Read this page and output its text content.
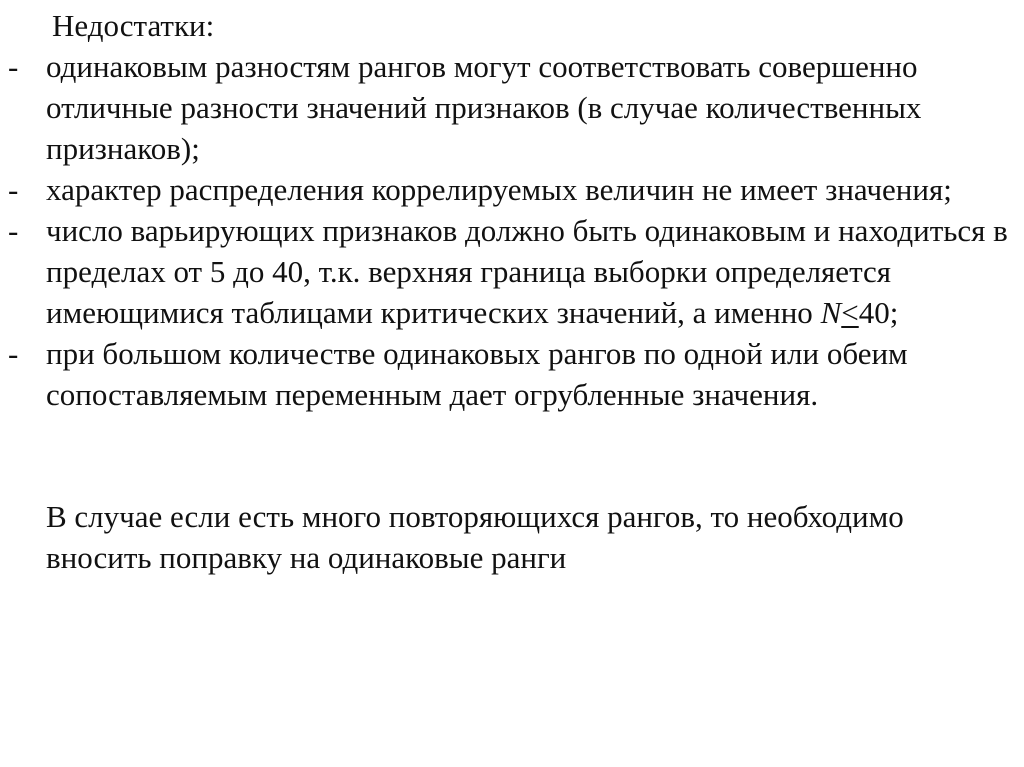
Недостатки:

- одинаковым разностям рангов могут соответствовать совершенно отличные разности значений признаков (в случае количественных признаков);
- характер распределения коррелируемых величин не имеет значения;
- число варьирующих признаков должно быть одинаковым и находиться в пределах от 5 до 40, т.к. верхняя граница выборки определяется имеющимися таблицами критических значений, а именно N≤40;
- при большом количестве одинаковых рангов по одной или обеим сопоставляемым переменным дает огрубленные значения.

В случае если есть много повторяющихся рангов, то необходимо вносить поправку на одинаковые ранги
